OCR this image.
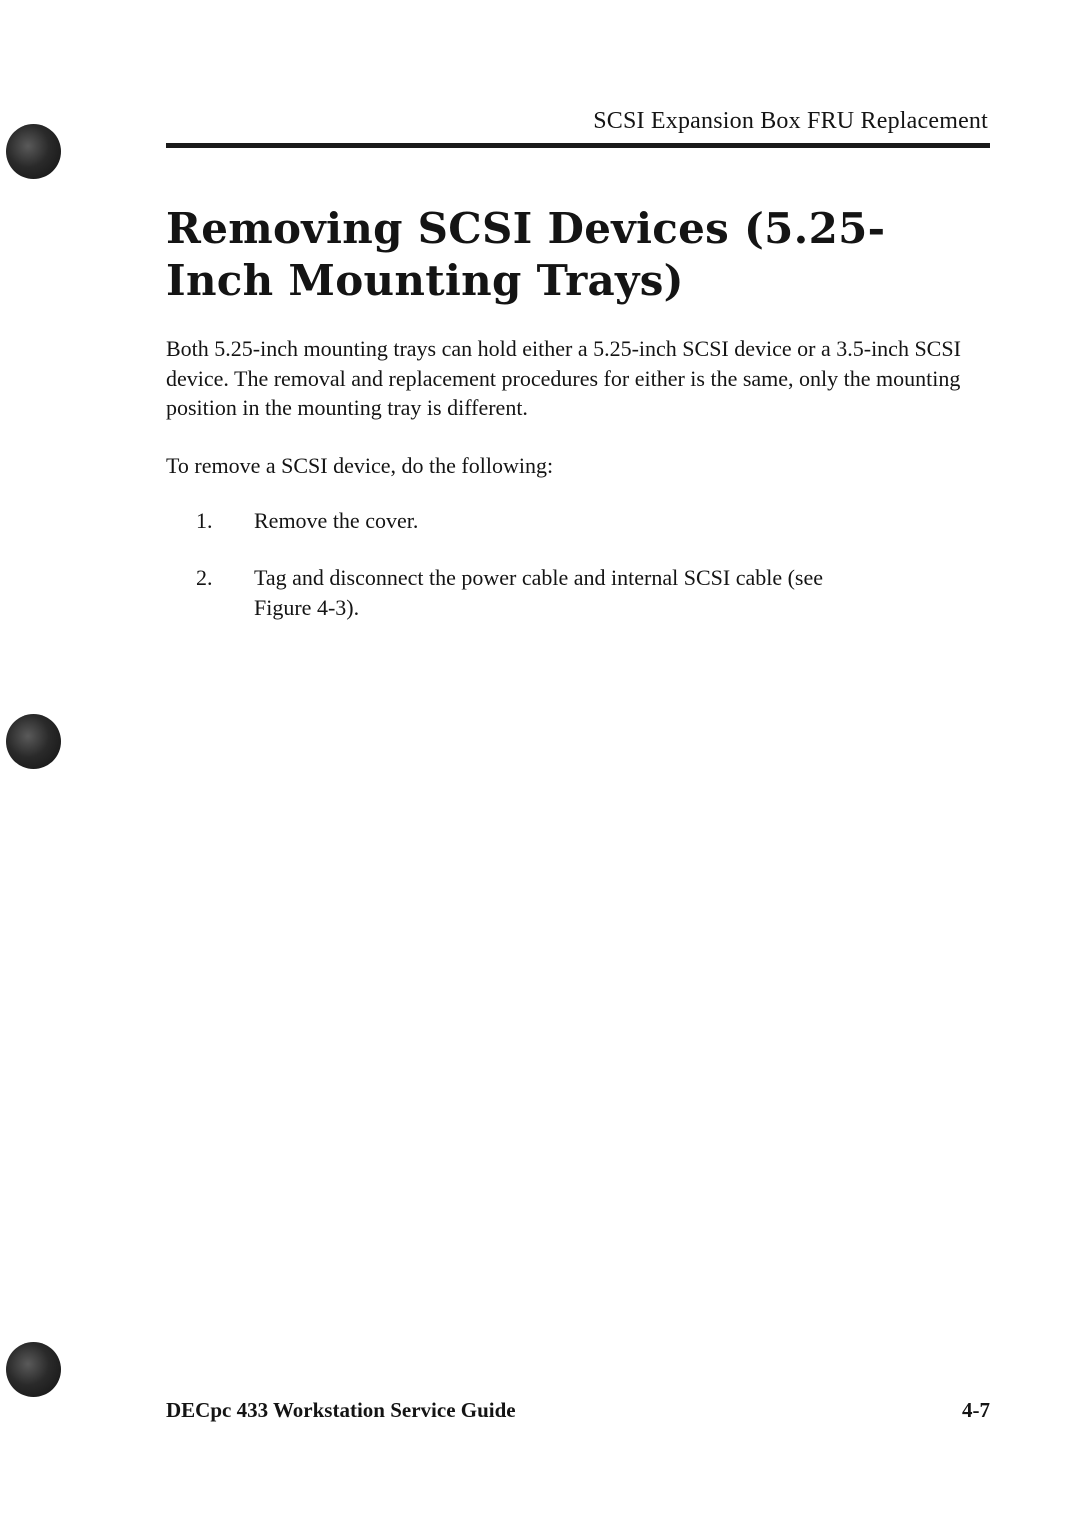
SCSI Expansion Box FRU Replacement
Removing SCSI Devices (5.25-Inch Mounting Trays)

Both 5.25-inch mounting trays can hold either a 5.25-inch SCSI device or a 3.5-inch SCSI device. The removal and replacement procedures for either is the same, only the mounting position in the mounting tray is different.

To remove a SCSI device, do the following:

1.	Remove the cover.
2.	Tag and disconnect the power cable and internal SCSI cable (see Figure 4-3).
DECpc 433 Workstation Service Guide	4-7
